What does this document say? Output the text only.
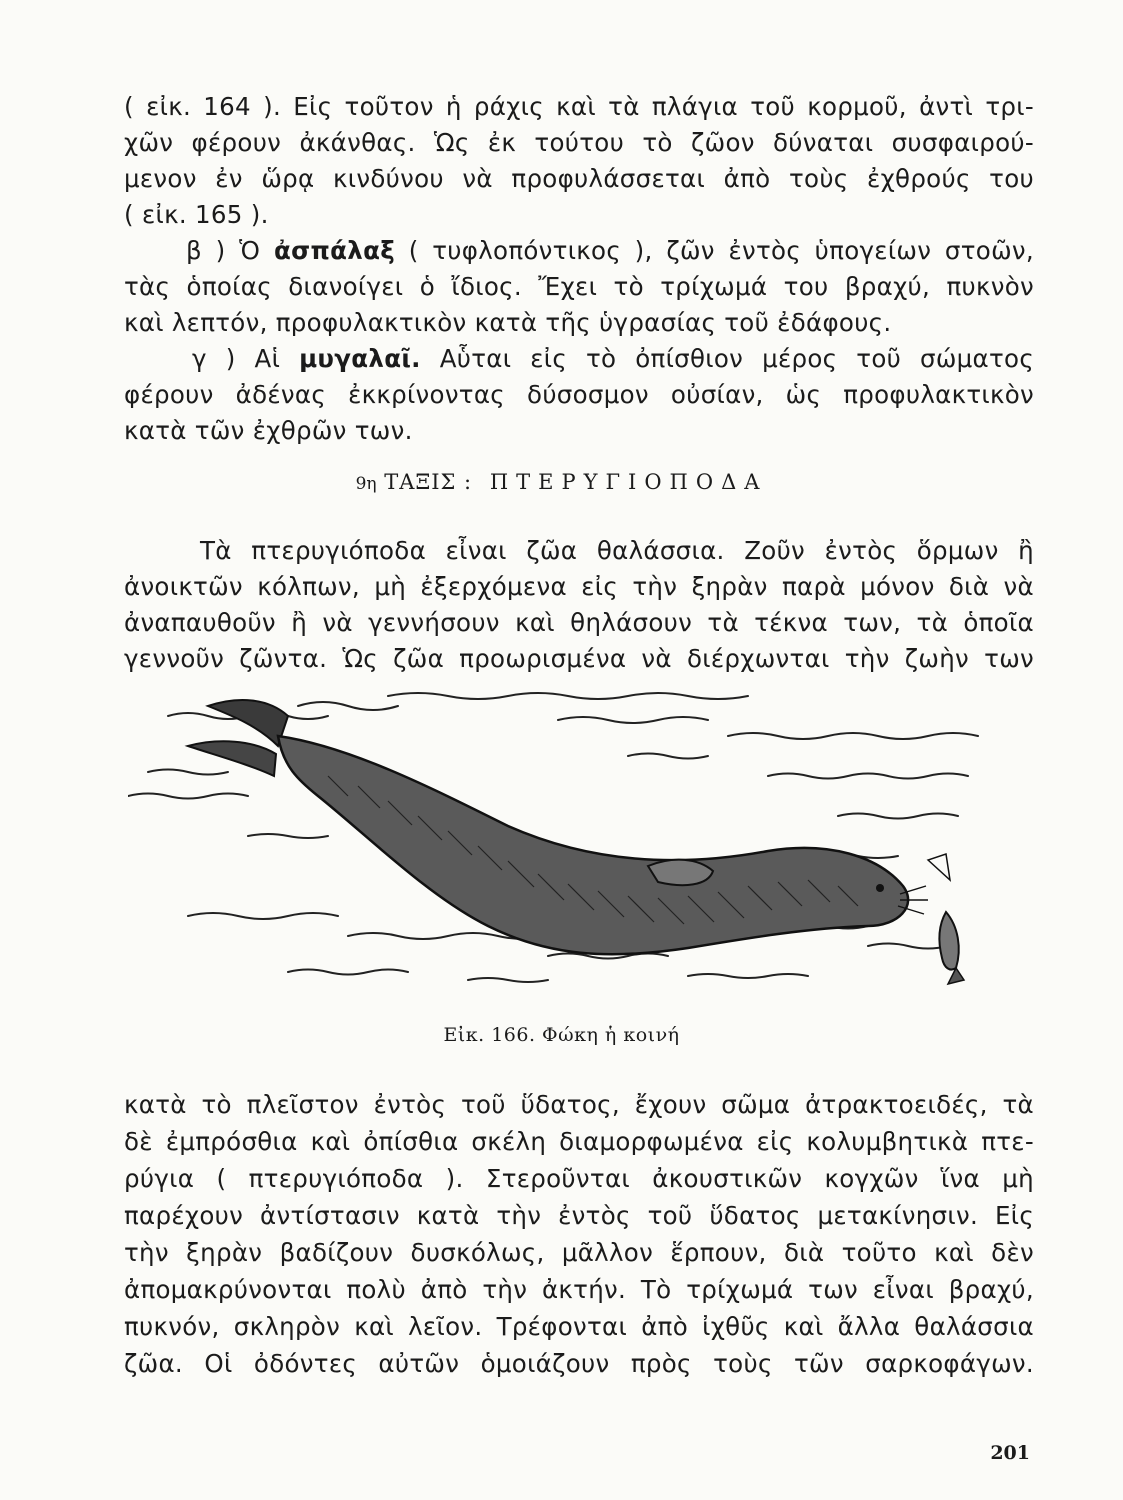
( εἰκ. 164 ). Εἰς τοῦτον ἡ ράχις καὶ τὰ πλάγια τοῦ κορμοῦ, ἀντὶ τρι-
χῶν φέρουν ἀκάνθας. Ὡς ἐκ τούτου τὸ ζῶον δύναται συσφαιρού-
μενον ἐν ὥρᾳ κινδύνου νὰ προφυλάσσεται ἀπὸ τοὺς ἐχθρούς του
( εἰκ. 165 ).
β ) Ὁ ἀσπάλαξ ( τυφλοπόντικος ), ζῶν ἐντὸς ὑπογείων στοῶν,
τὰς ὁποίας διανοίγει ὁ ἴδιος. Ἔχει τὸ τρίχωμά του βραχύ, πυκνὸν
καὶ λεπτόν, προφυλακτικὸν κατὰ τῆς ὑγρασίας τοῦ ἐδάφους.
γ ) Αἱ μυγαλαῖ. Αὗται εἰς τὸ ὀπίσθιον μέρος τοῦ σώματος
φέρουν ἀδένας ἐκκρίνοντας δύσοσμον οὐσίαν, ὡς προφυλακτικὸν
κατὰ τῶν ἐχθρῶν των.
9η ΤΑΞΙΣ : ΠΤΕΡΥΓΙΟΠΟΔΑ
Τὰ πτερυγιόποδα εἶναι ζῶα θαλάσσια. Ζοῦν ἐντὸς ὅρμων ἢ
ἀνοικτῶν κόλπων, μὴ ἐξερχόμενα εἰς τὴν ξηρὰν παρὰ μόνον διὰ νὰ
ἀναπαυθοῦν ἢ νὰ γεννήσουν καὶ θηλάσουν τὰ τέκνα των, τὰ ὁποῖα
γεννοῦν ζῶντα. Ὡς ζῶα προωρισμένα νὰ διέρχωνται τὴν ζωὴν των
Εἰκ. 166. Φώκη ἡ κοινή
κατὰ τὸ πλεῖστον ἐντὸς τοῦ ὕδατος, ἔχουν σῶμα ἀτρακτοειδές, τὰ
δὲ ἐμπρόσθια καὶ ὀπίσθια σκέλη διαμορφωμένα εἰς κολυμβητικὰ πτε-
ρύγια ( πτερυγιόποδα ). Στεροῦνται ἀκουστικῶν κογχῶν ἵνα μὴ
παρέχουν ἀντίστασιν κατὰ τὴν ἐντὸς τοῦ ὕδατος μετακίνησιν. Εἰς
τὴν ξηρὰν βαδίζουν δυσκόλως, μᾶλλον ἕρπουν, διὰ τοῦτο καὶ δὲν
ἀπομακρύνονται πολὺ ἀπὸ τὴν ἀκτήν. Τὸ τρίχωμά των εἶναι βραχύ,
πυκνόν, σκληρὸν καὶ λεῖον. Τρέφονται ἀπὸ ἰχθῦς καὶ ἄλλα θαλάσσια
ζῶα. Οἱ ὀδόντες αὐτῶν ὁμοιάζουν πρὸς τοὺς τῶν σαρκοφάγων.
201
